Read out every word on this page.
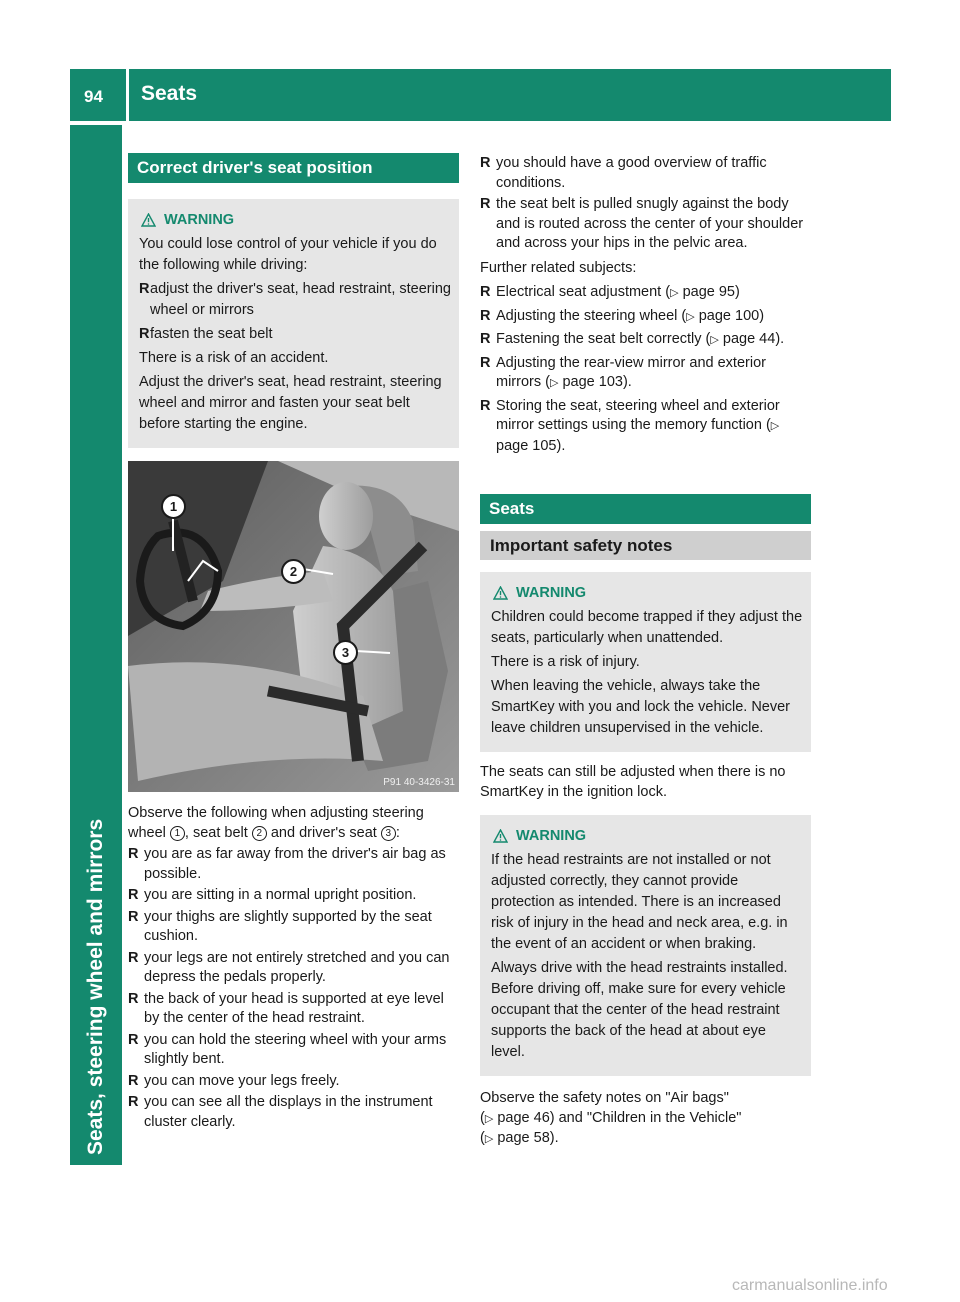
94 Seats
Seats, steering wheel and mirrors
Correct driver's seat position
WARNING

You could lose control of your vehicle if you do the following while driving:

R adjust the driver's seat, head restraint, steering wheel or mirrors
R fasten the seat belt

There is a risk of an accident.

Adjust the driver's seat, head restraint, steering wheel and mirror and fasten your seat belt before starting the engine.

1
2
3
P91 40-3426-31

Observe the following when adjusting steering wheel 1 , seat belt 2 and driver's seat 3 :

R you are as far away from the driver's air bag as possible.
R you are sitting in a normal upright position.
R your thighs are slightly supported by the seat cushion.
R your legs are not entirely stretched and you can depress the pedals properly.
R the back of your head is supported at eye level by the center of the head restraint.
R you can hold the steering wheel with your arms slightly bent.
R you can move your legs freely.
R you can see all the displays in the instrument cluster clearly.
R you should have a good overview of traffic conditions.
R the seat belt is pulled snugly against the body and is routed across the center of your shoulder and across your hips in the pelvic area.

Further related subjects:

R Electrical seat adjustment (▷ page 95)
R Adjusting the steering wheel (▷ page 100)
R Fastening the seat belt correctly (▷ page 44).
R Adjusting the rear-view mirror and exterior mirrors (▷ page 103).
R Storing the seat, steering wheel and exterior mirror settings using the memory function (▷ page 105).
Seats
Important safety notes
WARNING

Children could become trapped if they adjust the seats, particularly when unattended.

There is a risk of injury.

When leaving the vehicle, always take the SmartKey with you and lock the vehicle. Never leave children unsupervised in the vehicle.

The seats can still be adjusted when there is no SmartKey in the ignition lock.

WARNING

If the head restraints are not installed or not adjusted correctly, they cannot provide protection as intended. There is an increased risk of injury in the head and neck area, e.g. in the event of an accident or when braking.

Always drive with the head restraints installed. Before driving off, make sure for every vehicle occupant that the center of the head restraint supports the back of the head at about eye level.

Observe the safety notes on "Air bags"
(▷ page 46) and "Children in the Vehicle"
(▷ page 58).

carmanualsonline.info
